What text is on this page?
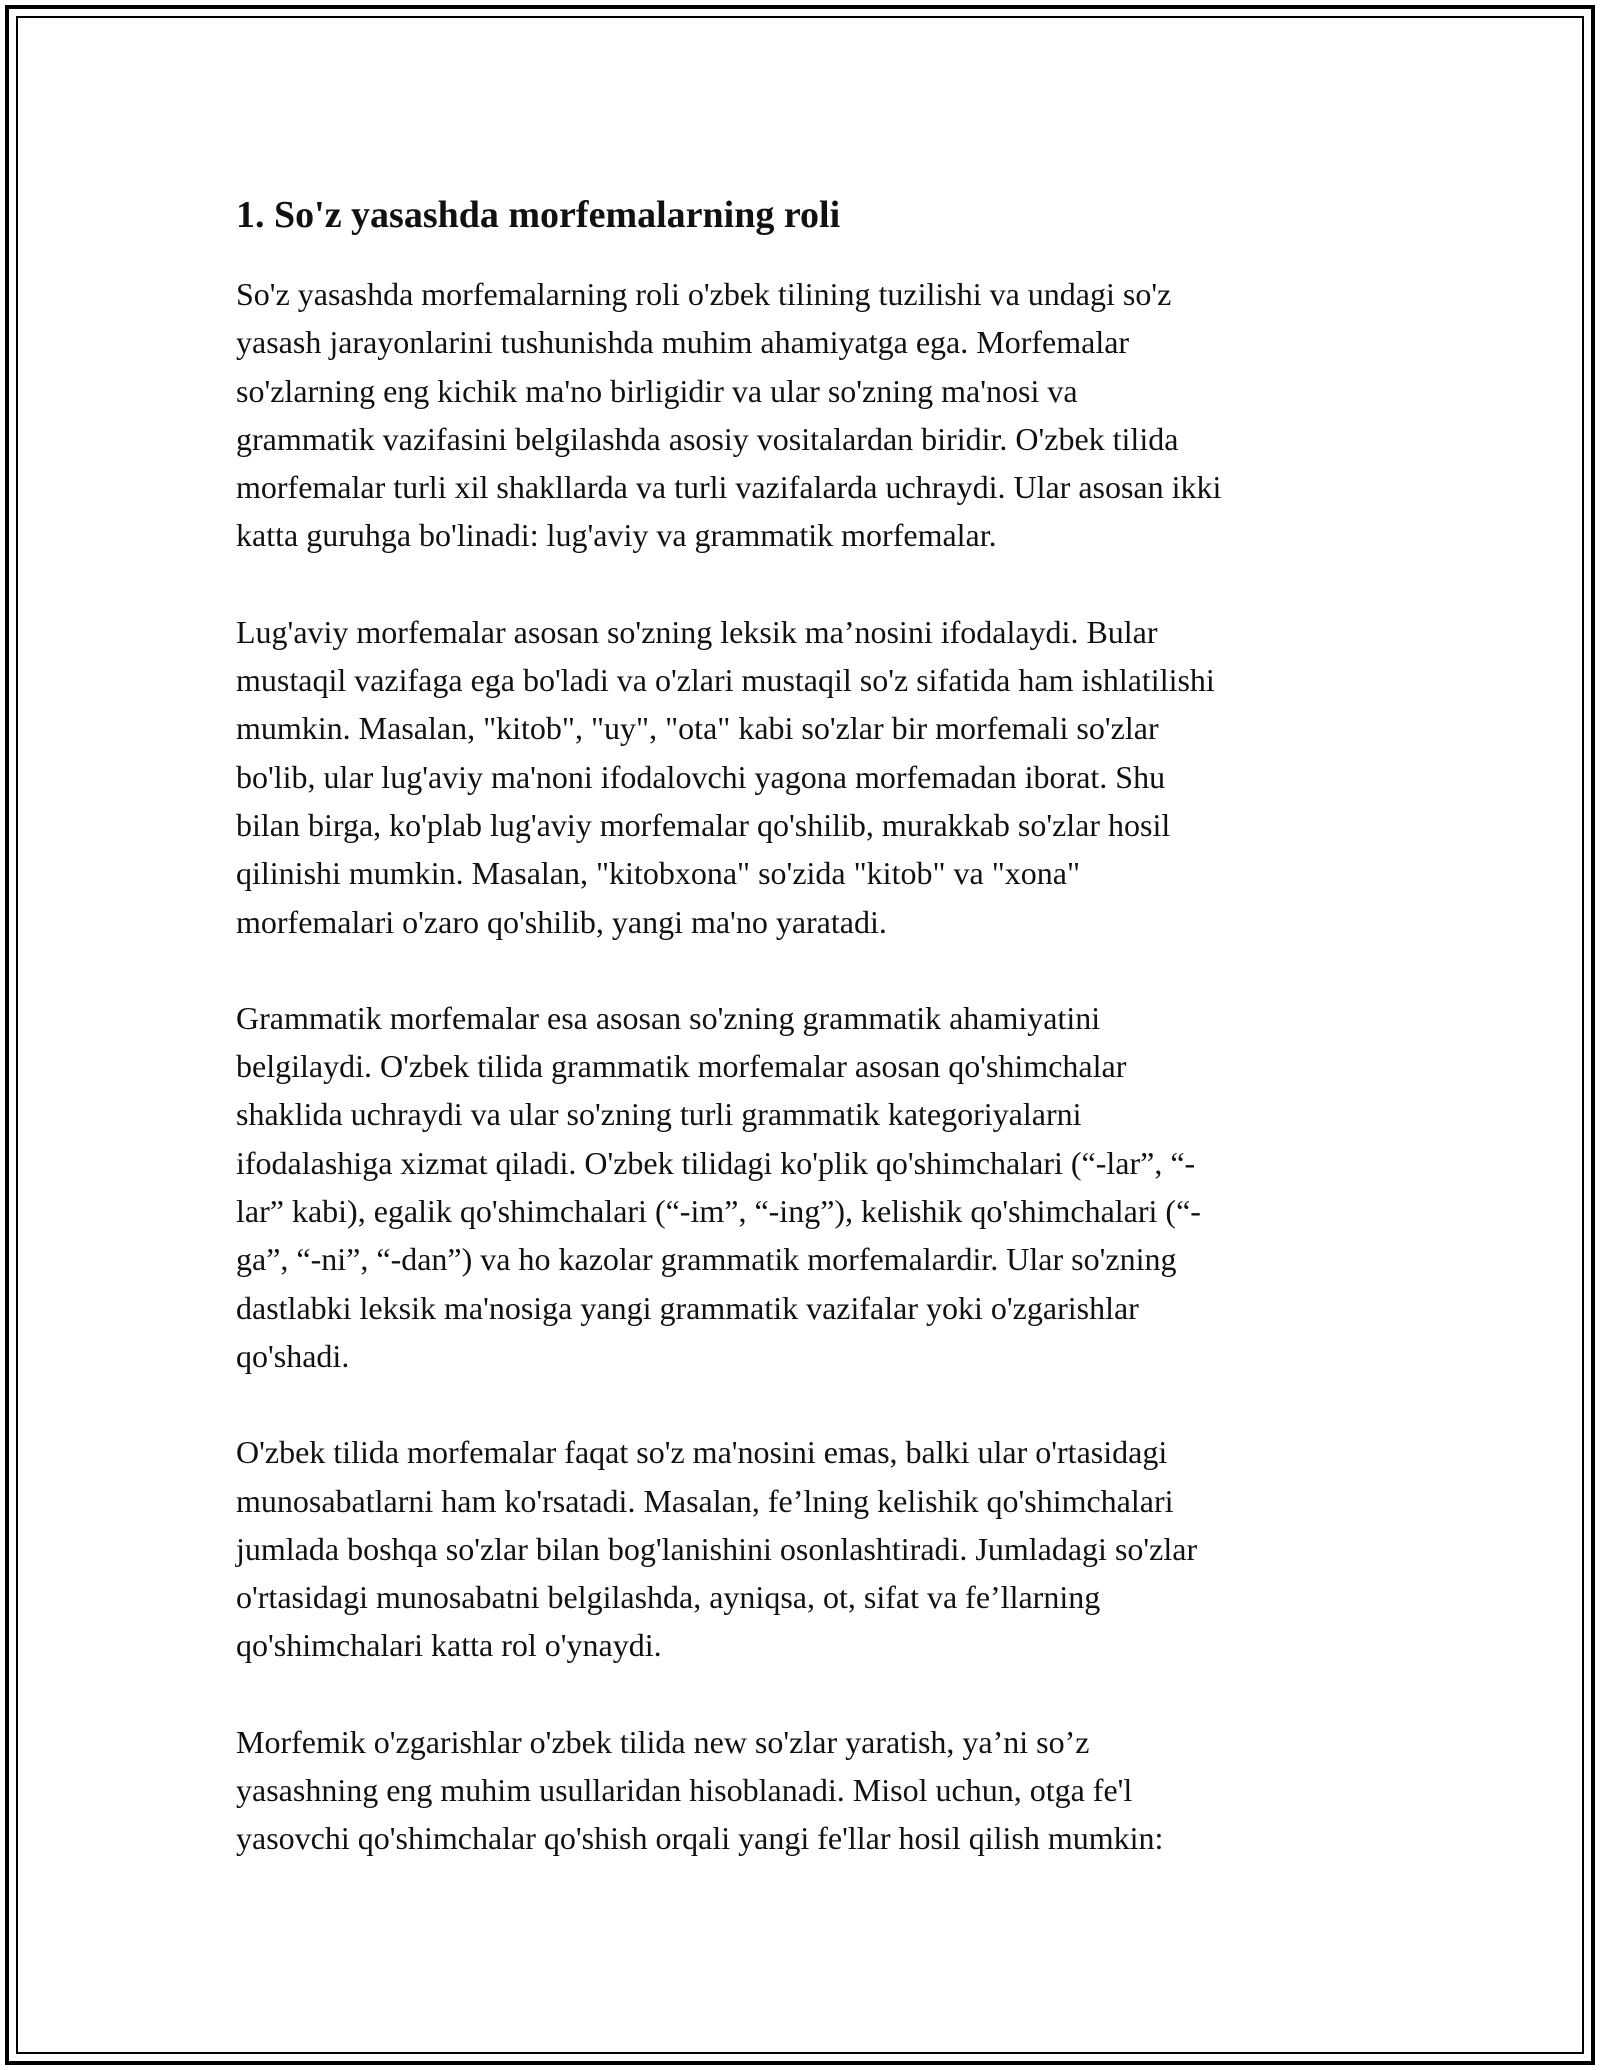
1. So'z yasashda morfemalarning roli
So'z yasashda morfemalarning roli o'zbek tilining tuzilishi va undagi so'z
yasash jarayonlarini tushunishda muhim ahamiyatga ega. Morfemalar
so'zlarning eng kichik ma'no birligidir va ular so'zning ma'nosi va
grammatik vazifasini belgilashda asosiy vositalardan biridir. O'zbek tilida
morfemalar turli xil shakllarda va turli vazifalarda uchraydi. Ular asosan ikki
katta guruhga bo'linadi: lug'aviy va grammatik morfemalar.
Lug'aviy morfemalar asosan so'zning leksik ma’nosini ifodalaydi. Bular
mustaqil vazifaga ega bo'ladi va o'zlari mustaqil so'z sifatida ham ishlatilishi
mumkin. Masalan, "kitob", "uy", "ota" kabi so'zlar bir morfemali so'zlar
bo'lib, ular lug'aviy ma'noni ifodalovchi yagona morfemadan iborat. Shu
bilan birga, ko'plab lug'aviy morfemalar qo'shilib, murakkab so'zlar hosil
qilinishi mumkin. Masalan, "kitobxona" so'zida "kitob" va "xona"
morfemalari o'zaro qo'shilib, yangi ma'no yaratadi.
Grammatik morfemalar esa asosan so'zning grammatik ahamiyatini
belgilaydi. O'zbek tilida grammatik morfemalar asosan qo'shimchalar
shaklida uchraydi va ular so'zning turli grammatik kategoriyalarni
ifodalashiga xizmat qiladi. O'zbek tilidagi ko'plik qo'shimchalari (“-lar”, “-
lar” kabi), egalik qo'shimchalari (“-im”, “-ing”), kelishik qo'shimchalari (“-
ga”, “-ni”, “-dan”) va ho kazolar grammatik morfemalardir. Ular so'zning
dastlabki leksik ma'nosiga yangi grammatik vazifalar yoki o'zgarishlar
qo'shadi.
O'zbek tilida morfemalar faqat so'z ma'nosini emas, balki ular o'rtasidagi
munosabatlarni ham ko'rsatadi. Masalan, fe’lning kelishik qo'shimchalari
jumlada boshqa so'zlar bilan bog'lanishini osonlashtiradi. Jumladagi so'zlar
o'rtasidagi munosabatni belgilashda, ayniqsa, ot, sifat va fe’llarning
qo'shimchalari katta rol o'ynaydi.
Morfemik o'zgarishlar o'zbek tilida new so'zlar yaratish, ya’ni so’z
yasashning eng muhim usullaridan hisoblanadi. Misol uchun, otga fe'l
yasovchi qo'shimchalar qo'shish orqali yangi fe'llar hosil qilish mumkin:
